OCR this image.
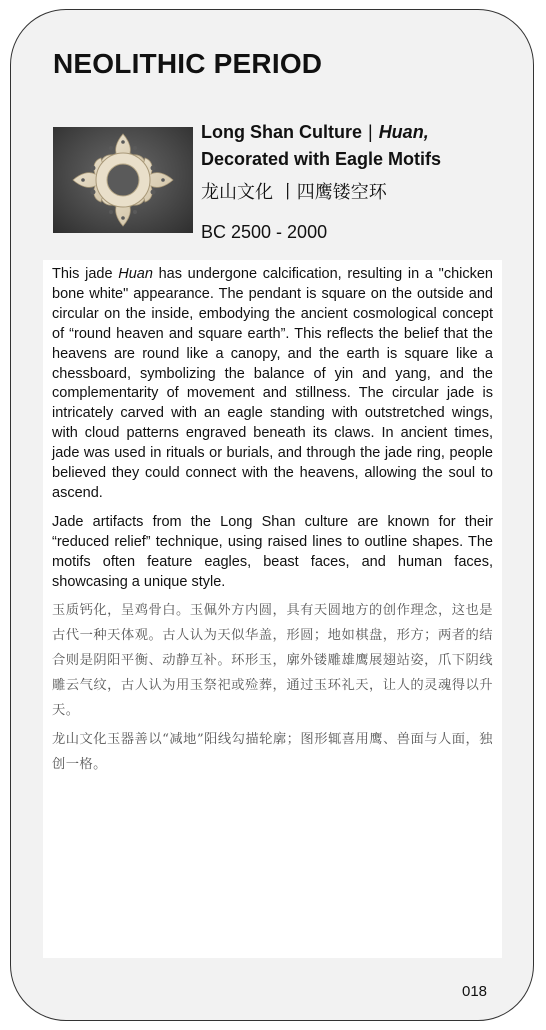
NEOLITHIC PERIOD

Long Shan Culture | Huan,
Decorated with Eagle Motifs

龙山文化 丨四鹰镂空环
BC 2500 - 2000

This jade Huan has undergone calcification, resulting in a "chicken bone white" appearance. The pendant is square on the outside and circular on the inside, embodying the ancient cosmological concept of “round heaven and square earth”. This reflects the belief that the heavens are round like a canopy, and the earth is square like a chessboard, symbolizing the balance of yin and yang, and the complementarity of movement and stillness. The circular jade is intricately carved with an eagle standing with outstretched wings, with cloud patterns engraved beneath its claws. In ancient times, jade was used in rituals or burials, and through the jade ring, people believed they could connect with the heavens, allowing the soul to ascend.

Jade artifacts from the Long Shan culture are known for their “reduced relief” technique, using raised lines to outline shapes. The motifs often feature eagles, beast faces, and human faces, showcasing a unique style.

玉质钙化，呈鸡骨白。玉佩外方内圆，具有天圆地方的创作理念，这也是古代一种天体观。古人认为天似华盖，形圆；地如棋盘，形方；两者的结合则是阴阳平衡、动静互补。环形玉，廓外镂雕雄鹰展翅站姿，爪下阴线雕云气纹，古人认为用玉祭祀或殓葬，通过玉环礼天，让人的灵魂得以升天。

龙山文化玉器善以“减地”阳线勾描轮廓；图形辄喜用鹰、兽面与人面，独创一格。

018
